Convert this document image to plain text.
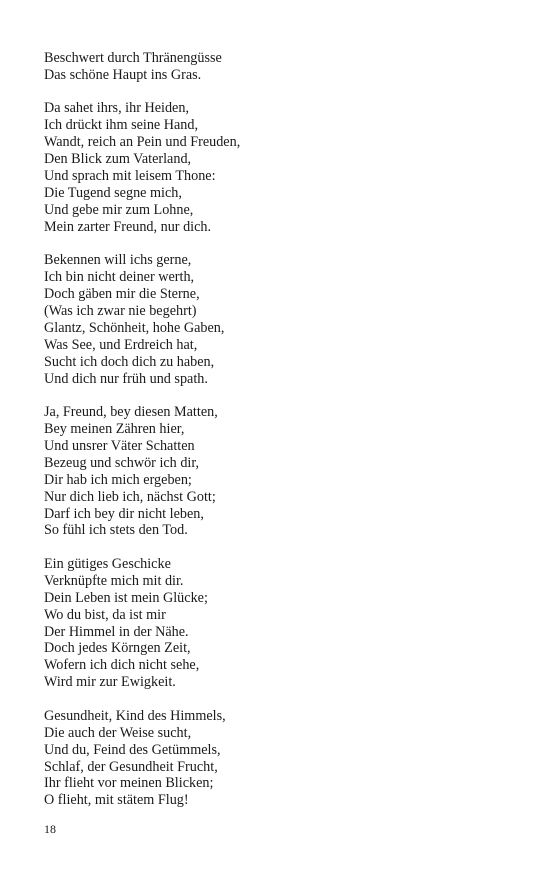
Beschwert durch Thränengüsse
Das schöne Haupt ins Gras.
Da sahet ihrs, ihr Heiden,
Ich drückt ihm seine Hand,
Wandt, reich an Pein und Freuden,
Den Blick zum Vaterland,
Und sprach mit leisem Thone:
Die Tugend segne mich,
Und gebe mir zum Lohne,
Mein zarter Freund, nur dich.
Bekennen will ichs gerne,
Ich bin nicht deiner werth,
Doch gäben mir die Sterne,
(Was ich zwar nie begehrt)
Glantz, Schönheit, hohe Gaben,
Was See, und Erdreich hat,
Sucht ich doch dich zu haben,
Und dich nur früh und spath.
Ja, Freund, bey diesen Matten,
Bey meinen Zähren hier,
Und unsrer Väter Schatten
Bezeug und schwör ich dir,
Dir hab ich mich ergeben;
Nur dich lieb ich, nächst Gott;
Darf ich bey dir nicht leben,
So fühl ich stets den Tod.
Ein gütiges Geschicke
Verknüpfte mich mit dir.
Dein Leben ist mein Glücke;
Wo du bist, da ist mir
Der Himmel in der Nähe.
Doch jedes Körngen Zeit,
Wofern ich dich nicht sehe,
Wird mir zur Ewigkeit.
Gesundheit, Kind des Himmels,
Die auch der Weise sucht,
Und du, Feind des Getümmels,
Schlaf, der Gesundheit Frucht,
Ihr flieht vor meinen Blicken;
O flieht, mit stätem Flug!
18
